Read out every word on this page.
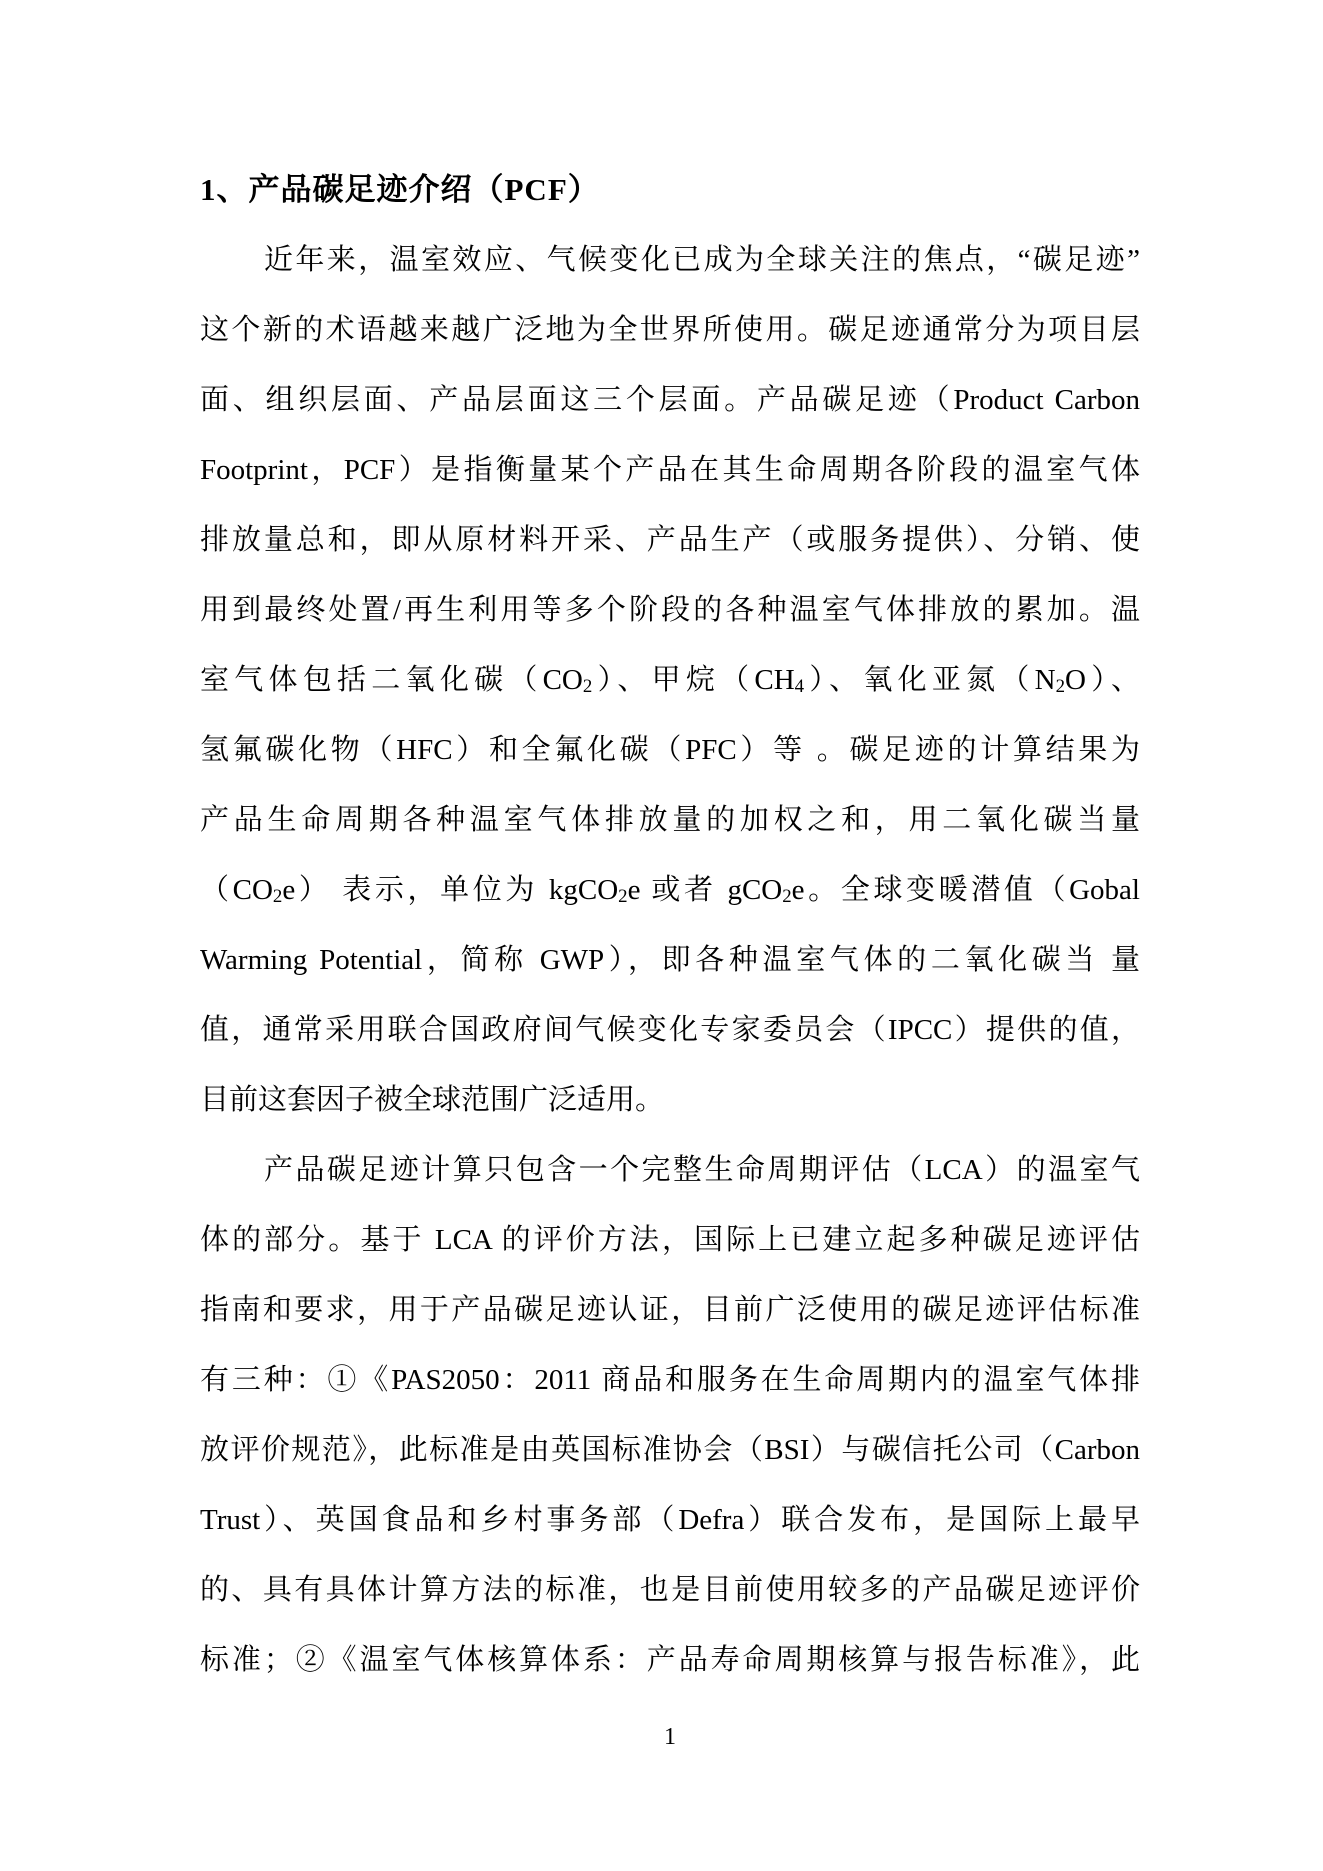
1、产品碳足迹介绍（PCF）
近年来，温室效应、气候变化已成为全球关注的焦点，“碳足迹”
这个新的术语越来越广泛地为全世界所使用。碳足迹通常分为项目层
面、组织层面、产品层面这三个层面。产品碳足迹（Product Carbon
Footprint，PCF）是指衡量某个产品在其生命周期各阶段的温室气体
排放量总和，即从原材料开采、产品生产（或服务提供）、分销、使
用到最终处置/再生利用等多个阶段的各种温室气体排放的累加。温
室气体包括二氧化碳（CO2）、甲烷（CH4）、氧化亚氮（N2O）、
氢氟碳化物（HFC）和全氟化碳（PFC）等 。碳足迹的计算结果为
产品生命周期各种温室气体排放量的加权之和，用二氧化碳当量
（CO2e） 表示，单位为 kgCO2e 或者 gCO2e。全球变暖潜值（Gobal
Warming Potential，简称 GWP），即各种温室气体的二氧化碳当 量
值，通常采用联合国政府间气候变化专家委员会（IPCC）提供的值，
目前这套因子被全球范围广泛适用。
产品碳足迹计算只包含一个完整生命周期评估（LCA）的温室气
体的部分。基于 LCA 的评价方法，国际上已建立起多种碳足迹评估
指南和要求，用于产品碳足迹认证，目前广泛使用的碳足迹评估标准
有三种：①《PAS2050：2011 商品和服务在生命周期内的温室气体排
放评价规范》，此标准是由英国标准协会（BSI）与碳信托公司（Carbon
Trust）、英国食品和乡村事务部（Defra）联合发布，是国际上最早
的、具有具体计算方法的标准，也是目前使用较多的产品碳足迹评价
标准；②《温室气体核算体系：产品寿命周期核算与报告标准》，此
1
